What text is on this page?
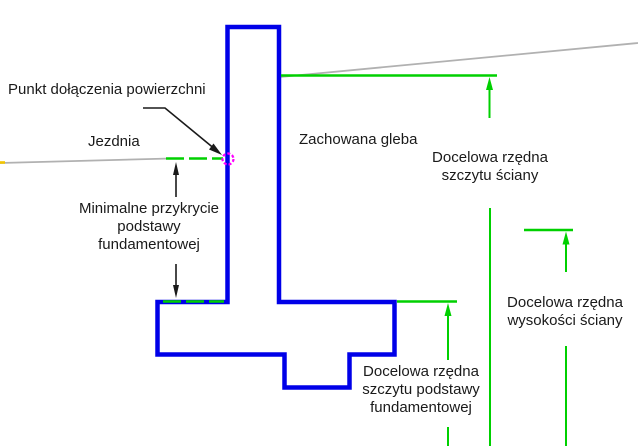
Punkt dołączenia powierzchni
Jezdnia
Minimalne przykrycie
podstawy
fundamentowej
Zachowana gleba
Docelowa rzędna
szczytu ściany
Docelowa rzędna
wysokości ściany
Docelowa rzędna
szczytu podstawy
fundamentowej
